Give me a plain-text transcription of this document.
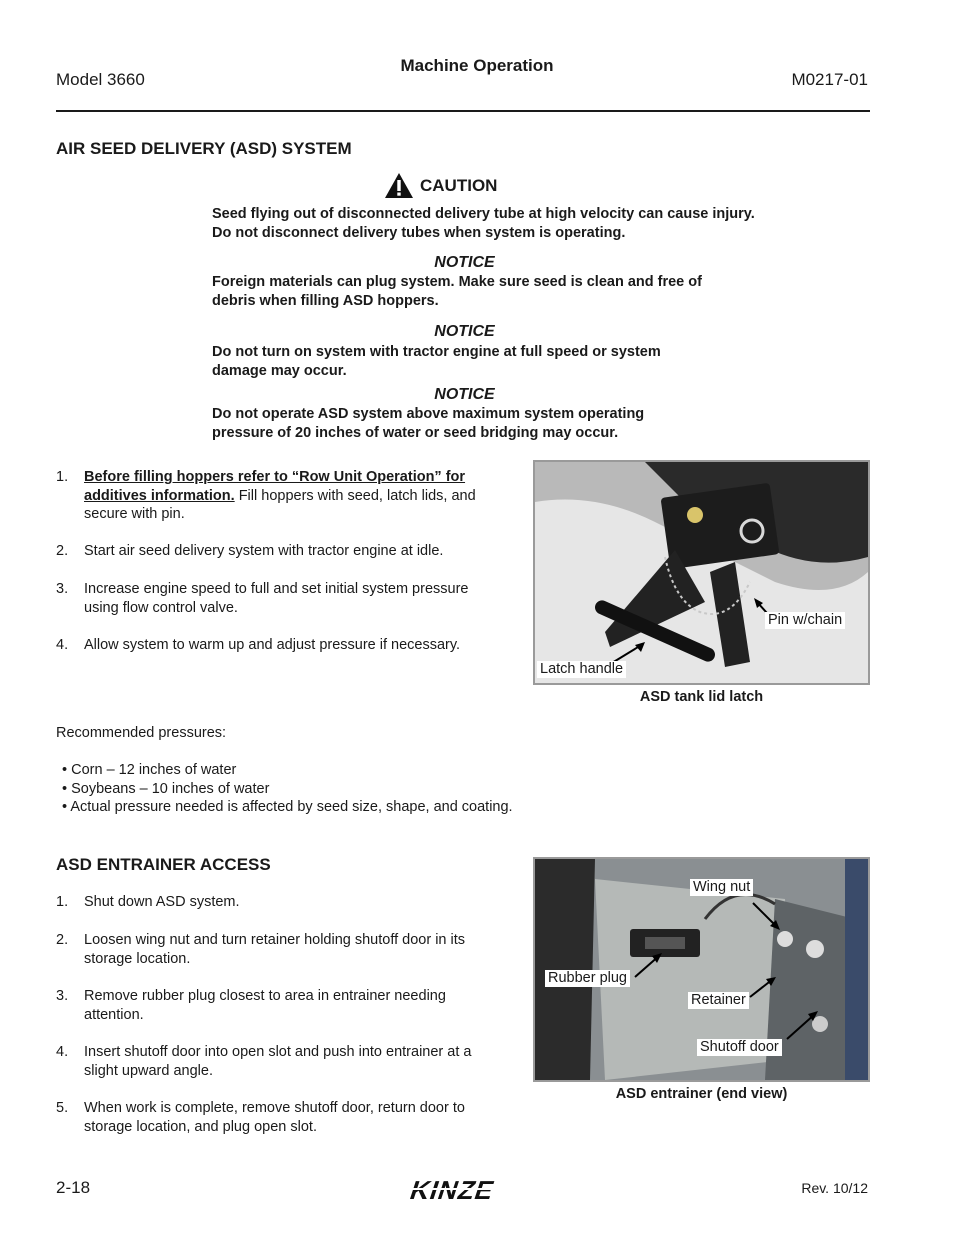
Model 3660
Machine Operation
M0217-01
AIR SEED DELIVERY (ASD) SYSTEM
CAUTION
Seed flying out of disconnected delivery tube at high velocity can cause injury. Do not disconnect delivery tubes when system is operating.
NOTICE
Foreign materials can plug system. Make sure seed is clean and free of debris when filling ASD hoppers.
NOTICE
Do not turn on system with tractor engine at full speed or system damage may occur.
NOTICE
Do not operate ASD system above maximum system operating pressure of 20 inches of water or seed bridging may occur.
1. Before filling hoppers refer to “Row Unit Operation” for additives information. Fill hoppers with seed, latch lids, and secure with pin.
2. Start air seed delivery system with tractor engine at idle.
3. Increase engine speed to full and set initial system pressure using flow control valve.
4. Allow system to warm up and adjust pressure if necessary.
Pin w/chain
Latch handle
ASD tank lid latch
Recommended pressures:
• Corn – 12 inches of water
• Soybeans – 10 inches of water
• Actual pressure needed is affected by seed size, shape, and coating.
ASD ENTRAINER ACCESS
1. Shut down ASD system.
2. Loosen wing nut and turn retainer holding shutoff door in its storage location.
3. Remove rubber plug closest to area in entrainer needing attention.
4. Insert shutoff door into open slot and push into entrainer at a slight upward angle.
5. When work is complete, remove shutoff door, return door to storage location, and plug open slot.
Wing nut
Rubber plug
Retainer
Shutoff door
ASD entrainer (end view)
2-18	KINZE	Rev. 10/12
